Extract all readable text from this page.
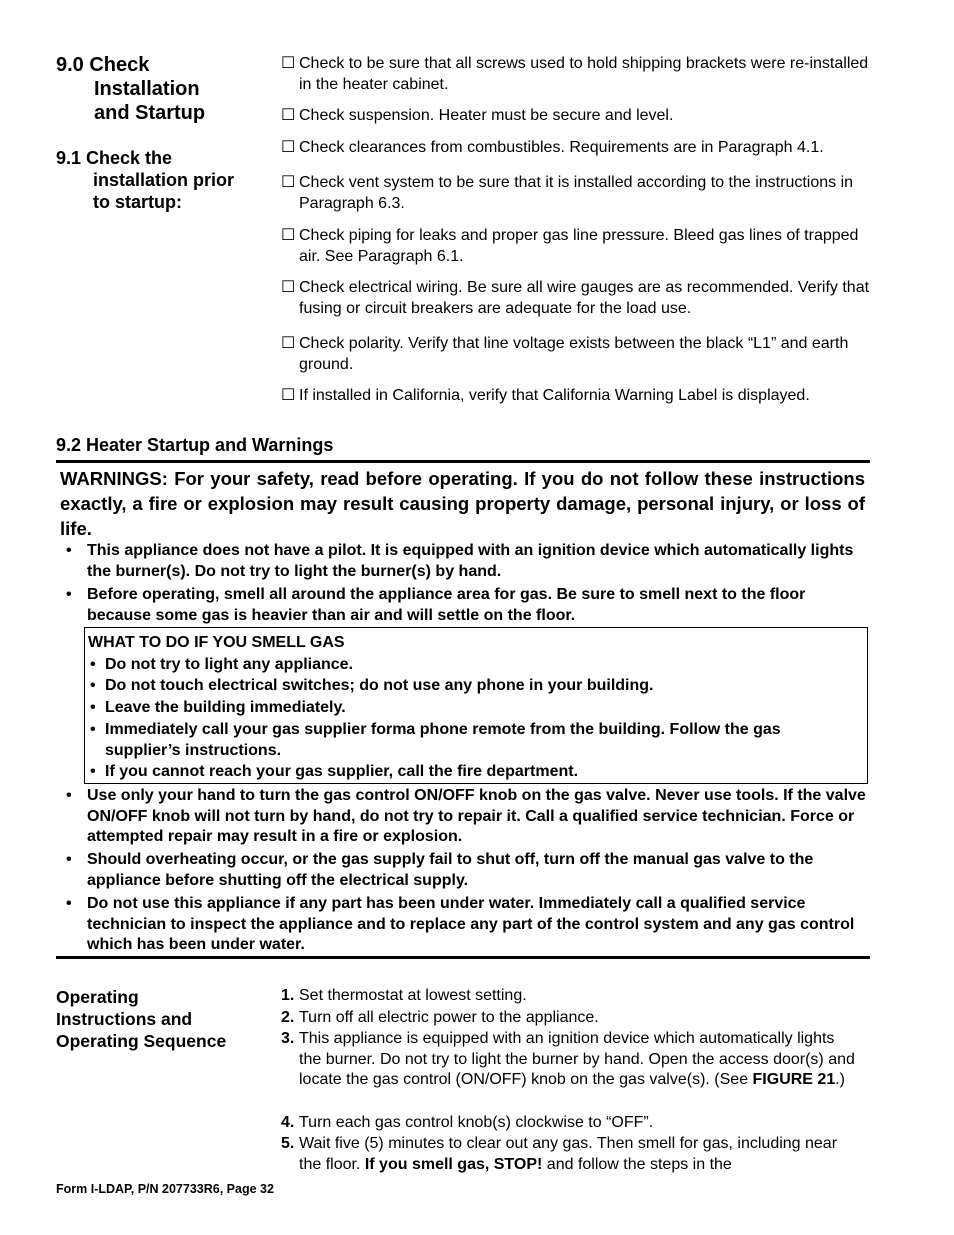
9.0 Check
Installation
and Startup
9.1 Check the
installation prior
to startup:
☐ Check to be sure that all screws used to hold shipping brackets were re-installed in the heater cabinet.
☐ Check suspension. Heater must be secure and level.
☐ Check clearances from combustibles. Requirements are in Paragraph 4.1.
☐ Check vent system to be sure that it is installed according to the instructions in Paragraph 6.3.
☐ Check piping for leaks and proper gas line pressure. Bleed gas lines of trapped air. See Paragraph 6.1.
☐ Check electrical wiring. Be sure all wire gauges are as recommended. Verify that fusing or circuit breakers are adequate for the load use.
☐ Check polarity. Verify that line voltage exists between the black “L1” and earth ground.
☐ If installed in California, verify that California Warning Label is displayed.
9.2 Heater Startup and Warnings
WARNINGS: For your safety, read before operating. If you do not follow these instructions exactly, a fire or explosion may result causing property damage, personal injury, or loss of life.
• This appliance does not have a pilot. It is equipped with an ignition device which automatically lights the burner(s). Do not try to light the burner(s) by hand.
• Before operating, smell all around the appliance area for gas. Be sure to smell next to the floor because some gas is heavier than air and will settle on the floor.
WHAT TO DO IF YOU SMELL GAS
• Do not try to light any appliance.
• Do not touch electrical switches; do not use any phone in your building.
• Leave the building immediately.
• Immediately call your gas supplier forma phone remote from the building. Follow the gas supplier’s instructions.
• If you cannot reach your gas supplier, call the fire department.
• Use only your hand to turn the gas control ON/OFF knob on the gas valve. Never use tools. If the valve ON/OFF knob will not turn by hand, do not try to repair it. Call a qualified service technician. Force or attempted repair may result in a fire or explosion.
• Should overheating occur, or the gas supply fail to shut off, turn off the manual gas valve to the appliance before shutting off the electrical supply.
• Do not use this appliance if any part has been under water. Immediately call a qualified service technician to inspect the appliance and to replace any part of the control system and any gas control which has been under water.
Operating
Instructions and
Operating Sequence
1. Set thermostat at lowest setting.
2. Turn off all electric power to the appliance.
3. This appliance is equipped with an ignition device which automatically lights the burner. Do not try to light the burner by hand. Open the access door(s) and locate the gas control (ON/OFF) knob on the gas valve(s). (See FIGURE 21.)
4. Turn each gas control knob(s) clockwise to “OFF”.
5. Wait five (5) minutes to clear out any gas. Then smell for gas, including near the floor. If you smell gas, STOP! and follow the steps in the
Form I-LDAP, P/N 207733R6, Page 32
